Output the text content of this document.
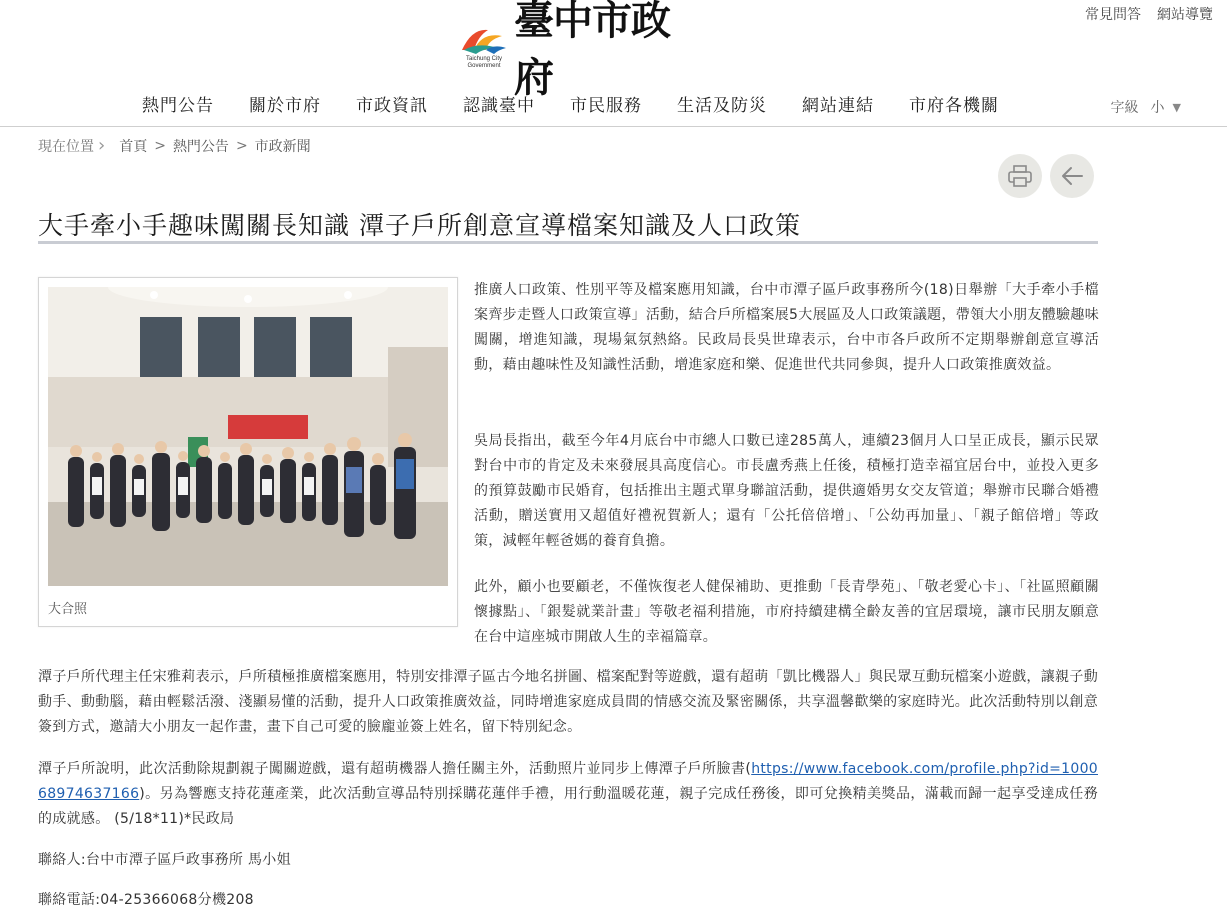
常見問答 網站導覽
Taichung City
Government
臺中市政府
熱門公告	關於市府	市政資訊	認識臺中	市民服務	生活及防災	網站連結	市府各機關	字級 小 ▼
現在位置 › 首頁 > 熱門公告 > 市政新聞
大手牽小手趣味闖關長知識 潭子戶所創意宣導檔案知識及人口政策
大合照

推廣人口政策、性別平等及檔案應用知識，台中市潭子區戶政事務所今(18)日舉辦「大手牽小手檔案齊步走暨人口政策宣導」活動，結合戶所檔案展5大展區及人口政策議題，帶領大小朋友體驗趣味闖關，增進知識，現場氣氛熱絡。民政局長吳世瑋表示，台中市各戶政所不定期舉辦創意宣導活動，藉由趣味性及知識性活動，增進家庭和樂、促進世代共同參與，提升人口政策推廣效益。

吳局長指出，截至今年4月底台中市總人口數已達285萬人，連續23個月人口呈正成長，顯示民眾對台中市的肯定及未來發展具高度信心。市長盧秀燕上任後，積極打造幸福宜居台中，並投入更多的預算鼓勵市民婚育，包括推出主題式單身聯誼活動，提供適婚男女交友管道；舉辦市民聯合婚禮活動，贈送實用又超值好禮祝賀新人；還有「公托倍倍增」、「公幼再加量」、「親子館倍增」等政策，減輕年輕爸媽的養育負擔。

此外，顧小也要顧老，不僅恢復老人健保補助、更推動「長青學苑」、「敬老愛心卡」、「社區照顧關懷據點」、「銀髮就業計畫」等敬老福利措施，市府持續建構全齡友善的宜居環境，讓市民朋友願意在台中這座城市開啟人生的幸福篇章。

潭子戶所代理主任宋雅莉表示，戶所積極推廣檔案應用，特別安排潭子區古今地名拼圖、檔案配對等遊戲，還有超萌「凱比機器人」與民眾互動玩檔案小遊戲，讓親子動動手、動動腦，藉由輕鬆活潑、淺顯易懂的活動，提升人口政策推廣效益，同時增進家庭成員間的情感交流及緊密關係，共享溫馨歡樂的家庭時光。此次活動特別以創意簽到方式，邀請大小朋友一起作畫，畫下自己可愛的臉龐並簽上姓名，留下特別紀念。

潭子戶所說明，此次活動除規劃親子闖關遊戲，還有超萌機器人擔任關主外，活動照片並同步上傳潭子戶所臉書(https://www.facebook.com/profile.php?id=100068974637166)。另為響應支持花蓮產業，此次活動宣導品特別採購花蓮伴手禮，用行動溫暖花蓮，親子完成任務後，即可兌換精美獎品，滿載而歸一起享受達成任務的成就感。 (5/18*11)*民政局

聯絡人:台中市潭子區戶政事務所 馬小姐

聯絡電話:04-25366068分機208
